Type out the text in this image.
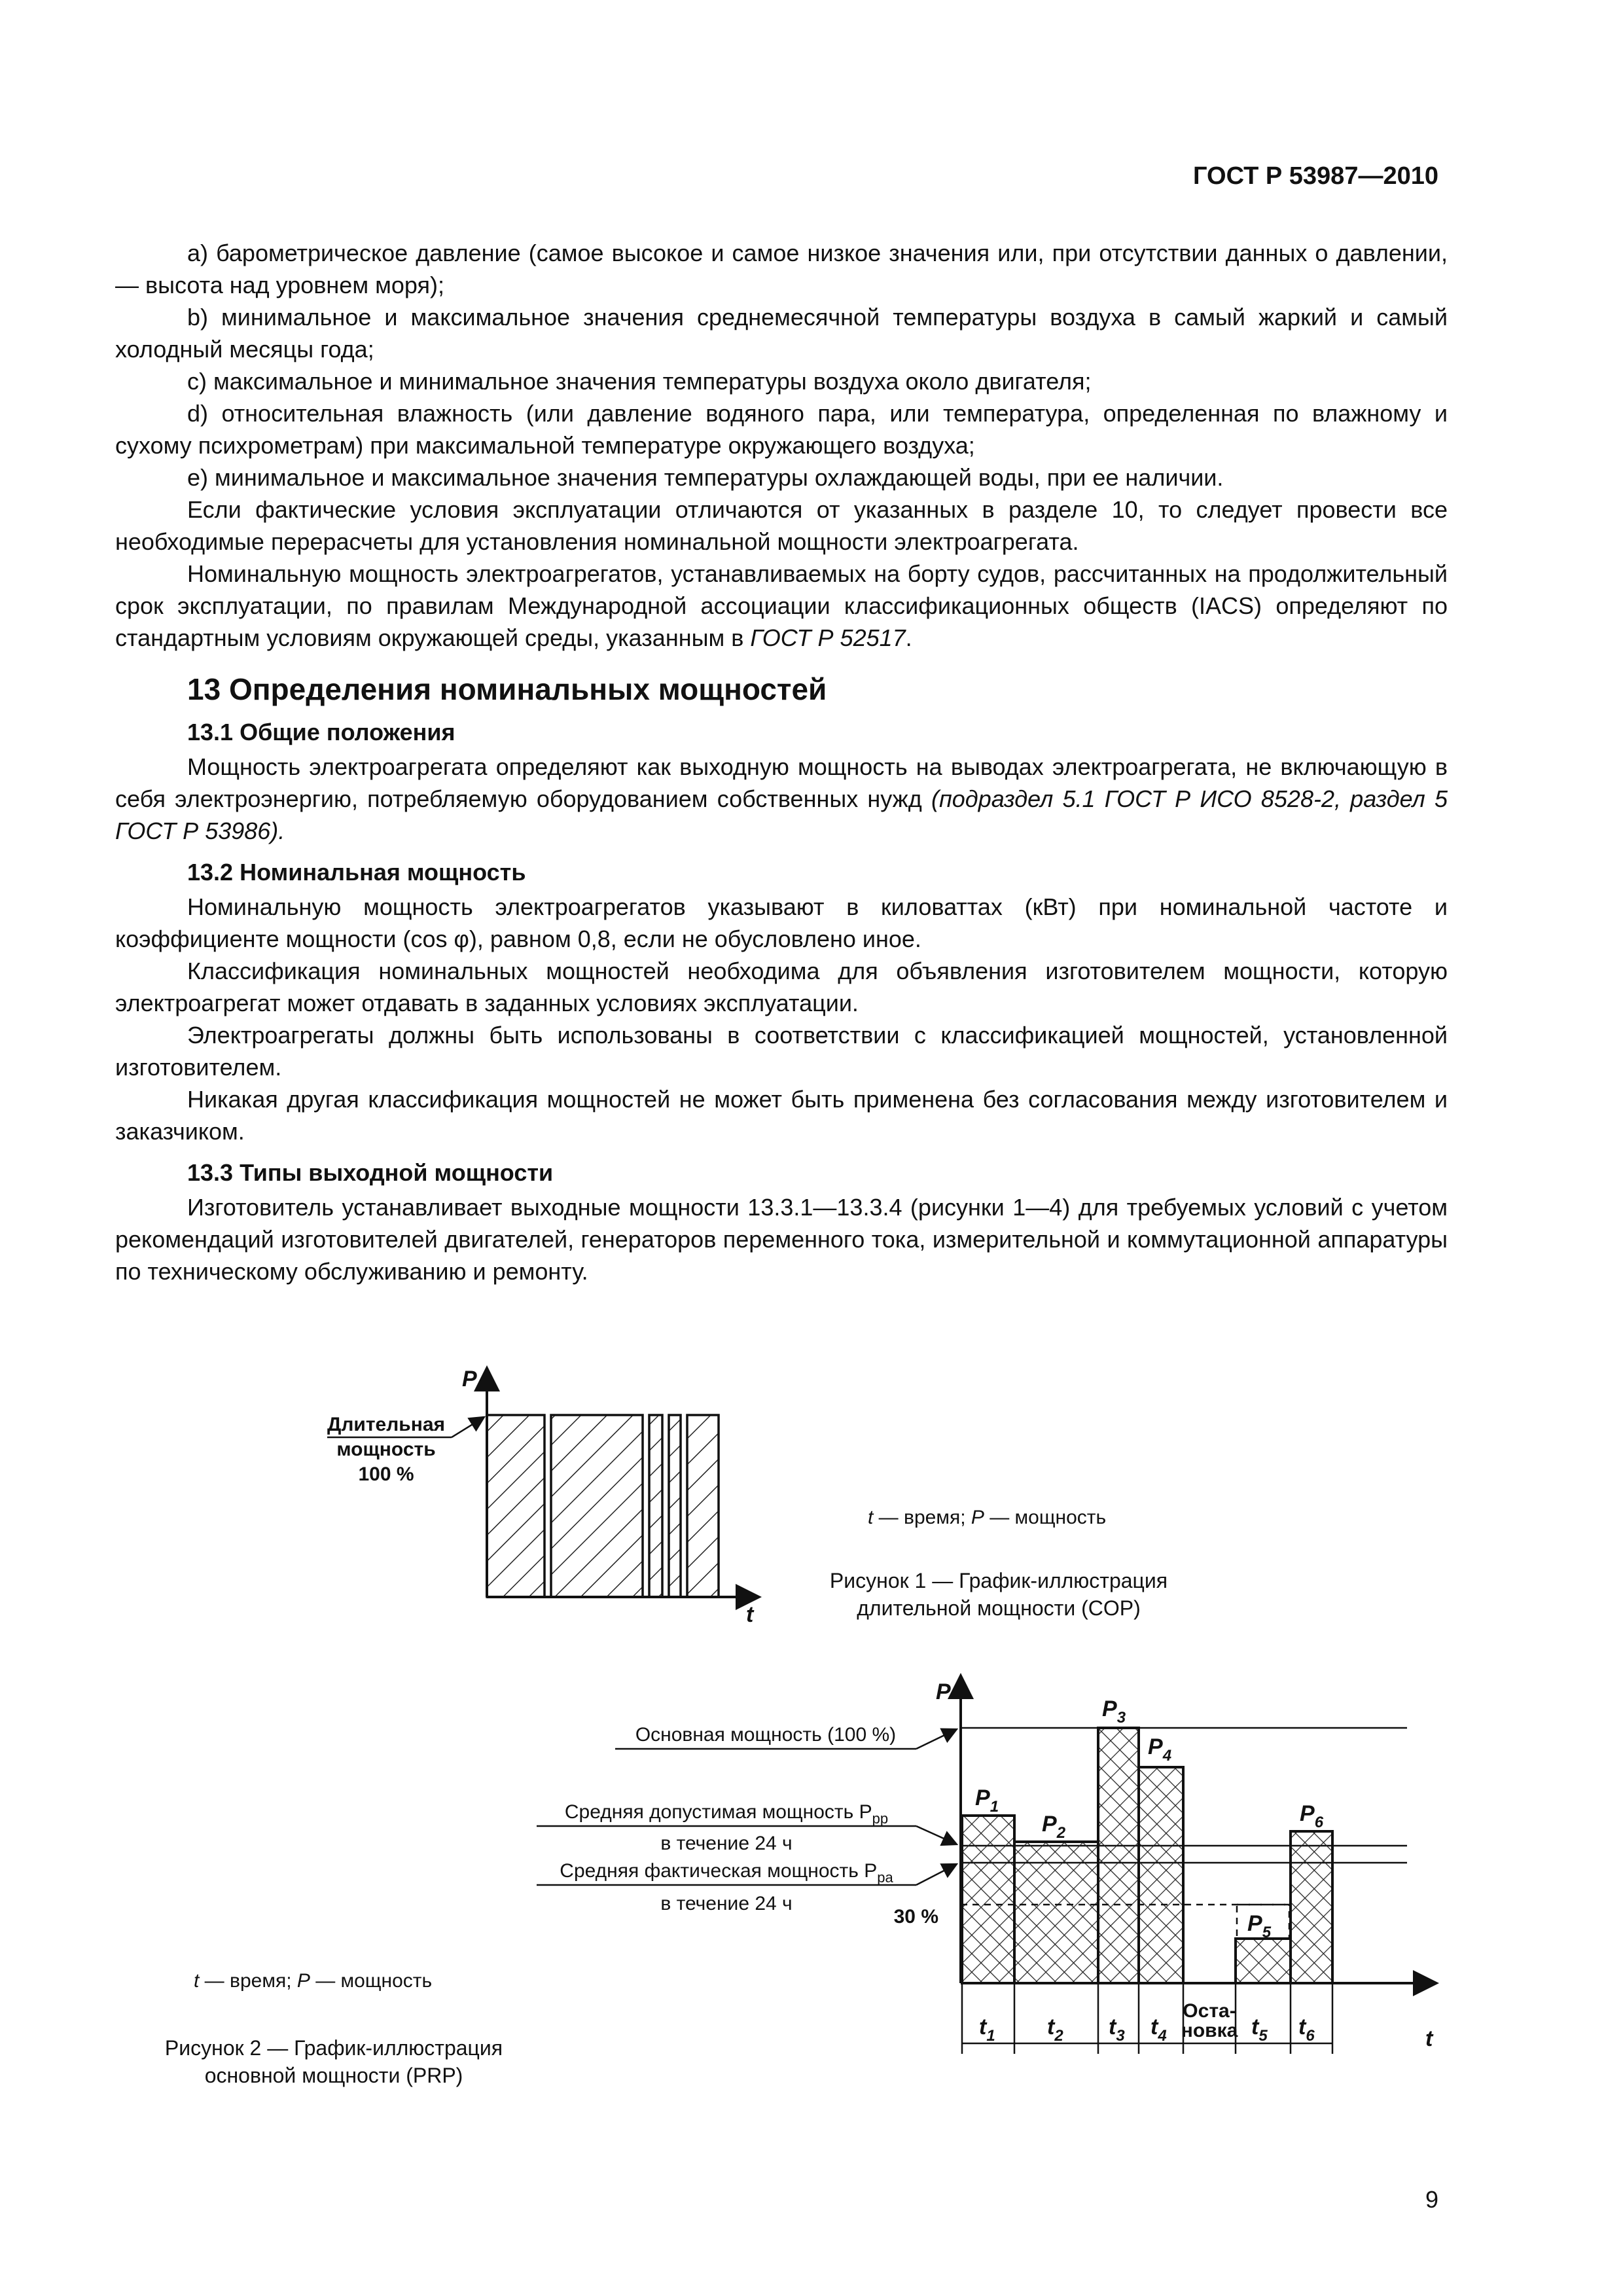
ГОСТ Р 53987—2010

а) барометрическое давление (самое высокое и самое низкое значения или, при отсутствии данных о давлении, — высота над уровнем моря);

b) минимальное и максимальное значения среднемесячной температуры воздуха в самый жаркий и самый холодный месяцы года;

c) максимальное и минимальное значения температуры воздуха около двигателя;

d) относительная влажность (или давление водяного пара, или температура, определенная по влажному и сухому психрометрам) при максимальной температуре окружающего воздуха;

е) минимальное и максимальное значения температуры охлаждающей воды, при ее наличии.

Если фактические условия эксплуатации отличаются от указанных в разделе 10, то следует провести все необходимые перерасчеты для установления номинальной мощности электроагрегата.

Номинальную мощность электроагрегатов, устанавливаемых на борту судов, рассчитанных на продолжительный срок эксплуатации, по правилам Международной ассоциации классификационных обществ (IACS) определяют по стандартным условиям окружающей среды, указанным в ГОСТ Р 52517.

13 Определения номинальных мощностей

13.1 Общие положения

Мощность электроагрегата определяют как выходную мощность на выводах электроагрегата, не включающую в себя электроэнергию, потребляемую оборудованием собственных нужд (подраздел 5.1 ГОСТ Р ИСО 8528-2, раздел 5 ГОСТ Р 53986).

13.2 Номинальная мощность

Номинальную мощность электроагрегатов указывают в киловаттах (кВт) при номинальной частоте и коэффициенте мощности (cos φ), равном 0,8, если не обусловлено иное.

Классификация номинальных мощностей необходима для объявления изготовителем мощности, которую электроагрегат может отдавать в заданных условиях эксплуатации.

Электроагрегаты должны быть использованы в соответствии с классификацией мощностей, установленной изготовителем.

Никакая другая классификация мощностей не может быть применена без согласования между изготовителем и заказчиком.

13.3 Типы выходной мощности

Изготовитель устанавливает выходные мощности 13.3.1—13.3.4 (рисунки 1—4) для требуемых условий с учетом рекомендаций изготовителей двигателей, генераторов переменного тока, измерительной и коммутационной аппаратуры по техническому обслуживанию и ремонту.

P
t
Длительная
мощность
100 %
P
t
30 %
$P_1$
$P_2$
$P_3$
$P_4$
$P_5$
$P_6$
Основная мощность (100 %)
Средняя допустимая мощность $P_{pp}$
в течение 24 ч
Средняя фактическая мощность $P_{pa}$
в течение 24 ч
$t_1$ $t_2$ $t_3$ $t_4$
Оста-
новка $t_5$ $t_6$
t — время; P — мощность
Рисунок 1 — График-иллюстрация
длительной мощности (COP)
t — время; P — мощность
Рисунок 2 — График-иллюстрация
основной мощности (PRP)
9
